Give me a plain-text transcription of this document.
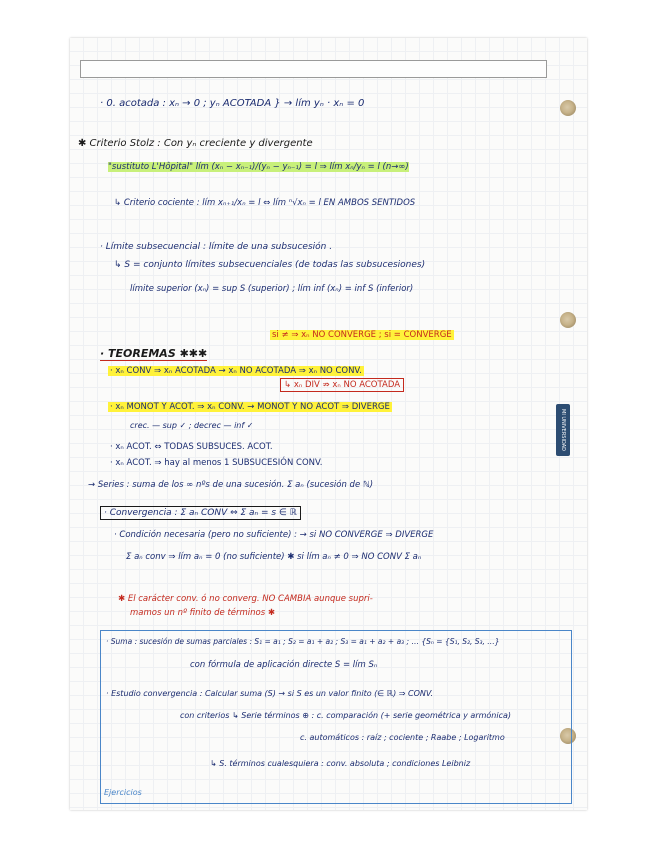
MI UNIVERSIDAD
· 0. acotada : xₙ → 0 ; yₙ ACOTADA } → lím yₙ · xₙ = 0
✱ Criterio Stolz : Con yₙ creciente y divergente
"sustituto L'Hôpital" lím (xₙ − xₙ₋₁)/(yₙ − yₙ₋₁) = l ⇒ lím xₙ/yₙ = l (n→∞)
↳ Criterio cociente : lím xₙ₊₁/xₙ = l ⇔ lím ⁿ√xₙ = l EN AMBOS SENTIDOS
· Límite subsecuencial : límite de una subsucesión .
↳ S = conjunto límites subsecuenciales (de todas las subsucesiones)
límite superior (xₙ) = sup S (superior) ; lím inf (xₙ) = inf S (inferior)
si ≠ ⇒ xₙ NO CONVERGE ; si = CONVERGE
· TEOREMAS ✱✱✱
· xₙ CONV ⇒ xₙ ACOTADA → xₙ NO ACOTADA ⇒ xₙ NO CONV.
↳ xₙ DIV ⇏ xₙ NO ACOTADA
· xₙ MONOT Y ACOT. ⇒ xₙ CONV. → MONOT Y NO ACOT ⇒ DIVERGE
crec. — sup ✓ ; decrec — inf ✓
· xₙ ACOT. ⇔ TODAS SUBSUCES. ACOT.
· xₙ ACOT. ⇒ hay al menos 1 SUBSUCESIÓN CONV.
→ Series : suma de los ∞ nºs de una sucesión. Σ aₙ (sucesión de ℕ)
· Convergencia : Σ aₙ CONV ⇔ Σ aₙ = s ∈ ℝ
· Condición necesaria (pero no suficiente) : → si NO CONVERGE ⇒ DIVERGE
Σ aₙ conv ⇒ lím aₙ = 0 (no suficiente) ✱ si lím aₙ ≠ 0 ⇒ NO CONV Σ aₙ
✱ El carácter conv. ó no converg. NO CAMBIA aunque supri-
mamos un nº finito de términos ✱
· Suma : sucesión de sumas parciales : S₁ = a₁ ; S₂ = a₁ + a₂ ; S₃ = a₁ + a₂ + a₃ ; … {Sₙ = {S₁, S₂, S₃, …}
con fórmula de aplicación directe S = lím Sₙ
· Estudio convergencia : Calcular suma (S) → si S es un valor finito (∈ ℝ) ⇒ CONV.
con criterios ↳ Serie términos ⊕ : c. comparación (+ serie geométrica y armónica)
c. automáticos : raíz ; cociente ; Raabe ; Logaritmo
↳ S. términos cualesquiera : conv. absoluta ; condiciones Leibniz
Ejercicios
